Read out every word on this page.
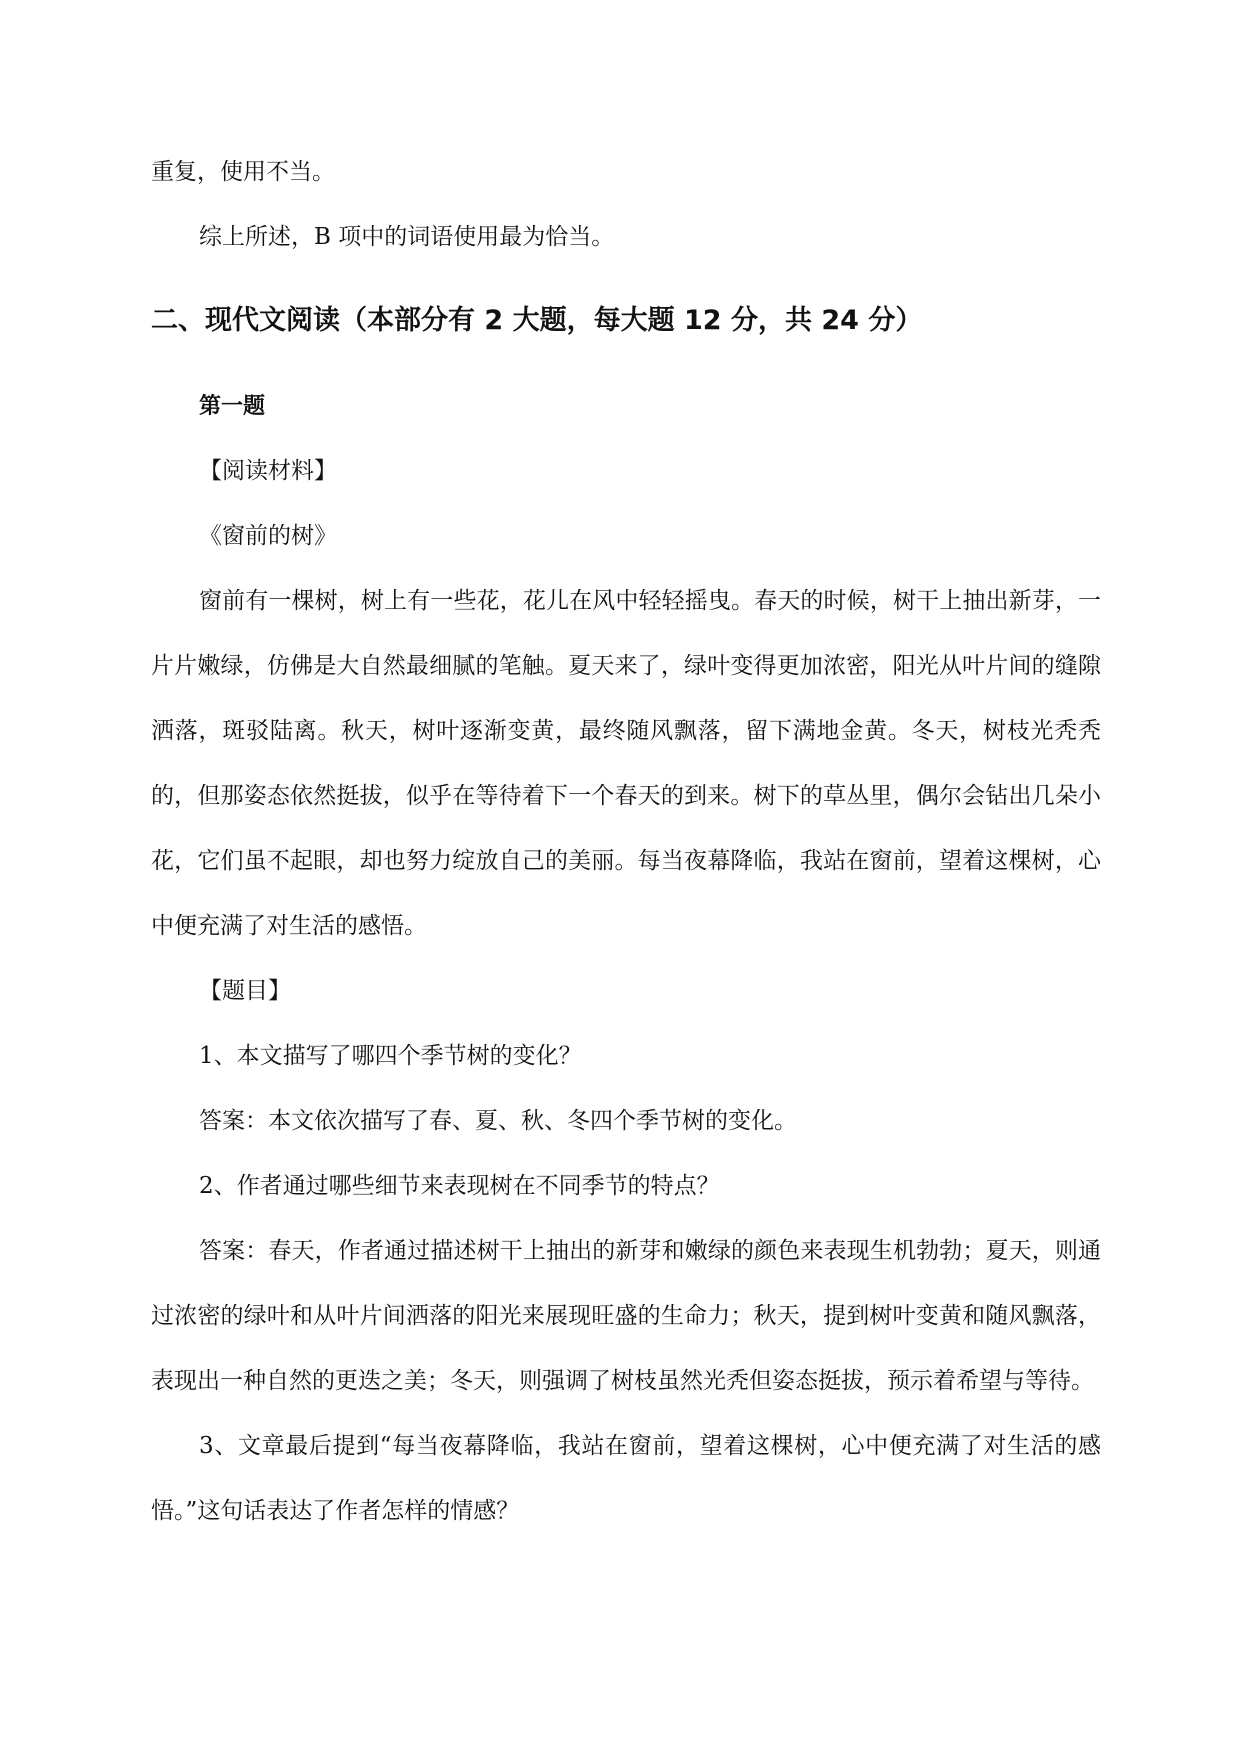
重复，使用不当。

综上所述，B 项中的词语使用最为恰当。

二、现代文阅读（本部分有 2 大题，每大题 12 分，共 24 分）

第一题

【阅读材料】

《窗前的树》

窗前有一棵树，树上有一些花，花儿在风中轻轻摇曳。春天的时候，树干上抽出新芽，一片片嫩绿，仿佛是大自然最细腻的笔触。夏天来了，绿叶变得更加浓密，阳光从叶片间的缝隙洒落，斑驳陆离。秋天，树叶逐渐变黄，最终随风飘落，留下满地金黄。冬天，树枝光秃秃的，但那姿态依然挺拔，似乎在等待着下一个春天的到来。树下的草丛里，偶尔会钻出几朵小花，它们虽不起眼，却也努力绽放自己的美丽。每当夜幕降临，我站在窗前，望着这棵树，心中便充满了对生活的感悟。

【题目】

1、本文描写了哪四个季节树的变化？

答案：本文依次描写了春、夏、秋、冬四个季节树的变化。

2、作者通过哪些细节来表现树在不同季节的特点？

答案：春天，作者通过描述树干上抽出的新芽和嫩绿的颜色来表现生机勃勃；夏天，则通过浓密的绿叶和从叶片间洒落的阳光来展现旺盛的生命力；秋天，提到树叶变黄和随风飘落，表现出一种自然的更迭之美；冬天，则强调了树枝虽然光秃但姿态挺拔，预示着希望与等待。

3、文章最后提到“每当夜幕降临，我站在窗前，望着这棵树，心中便充满了对生活的感悟。”这句话表达了作者怎样的情感？
